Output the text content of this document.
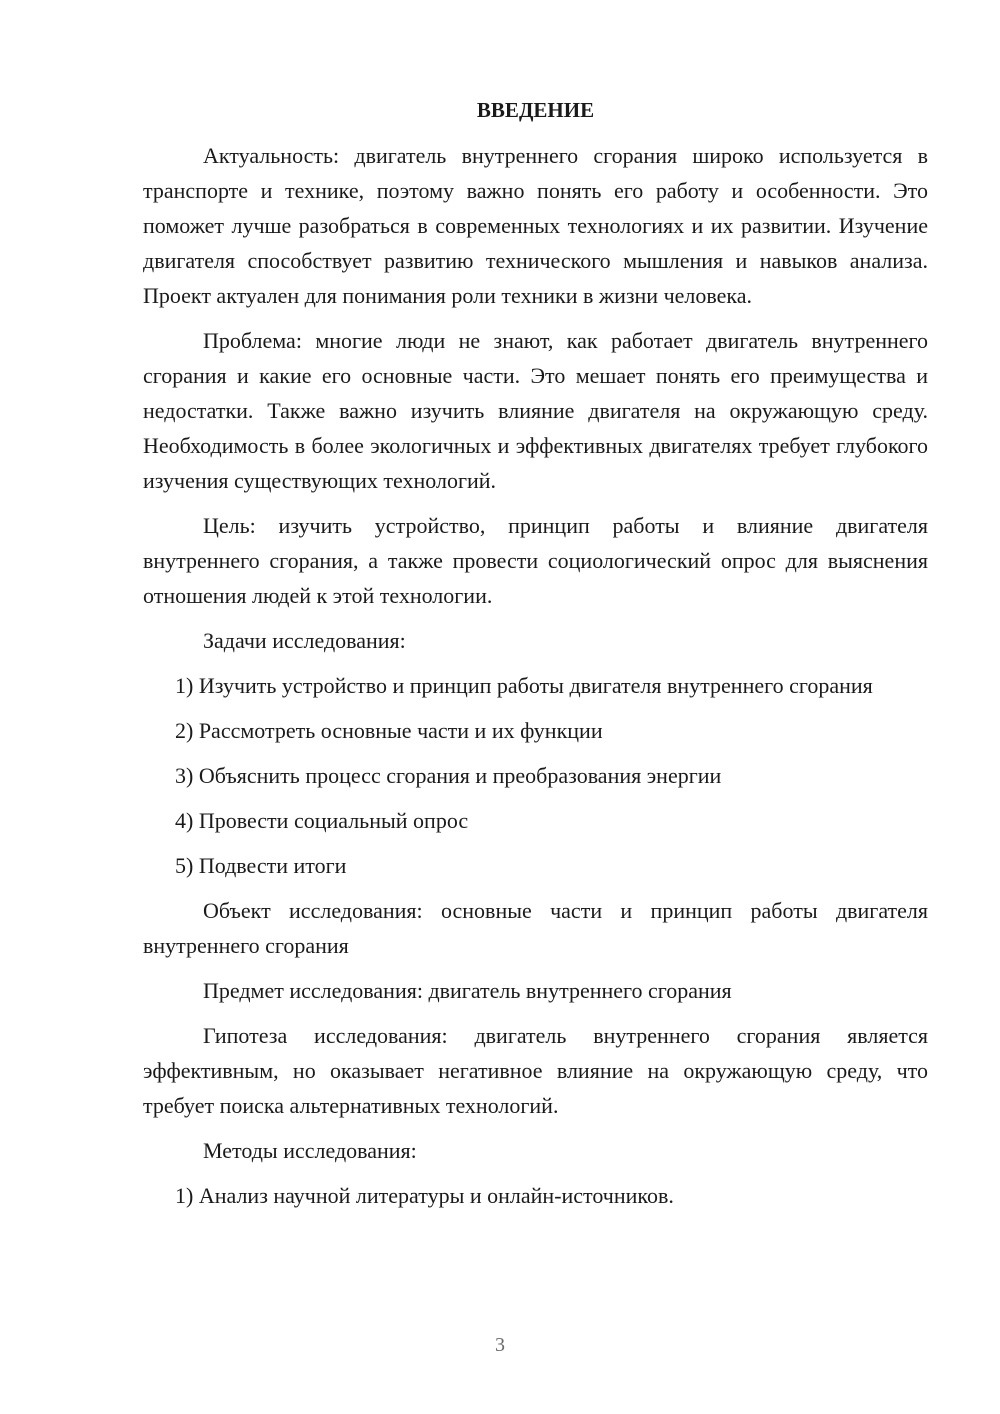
ВВЕДЕНИЕ

Актуальность: двигатель внутреннего сгорания широко используется в транспорте и технике, поэтому важно понять его работу и особенности. Это поможет лучше разобраться в современных технологиях и их развитии. Изучение двигателя способствует развитию технического мышления и навыков анализа. Проект актуален для понимания роли техники в жизни человека.

Проблема: многие люди не знают, как работает двигатель внутреннего сгорания и какие его основные части. Это мешает понять его преимущества и недостатки. Также важно изучить влияние двигателя на окружающую среду. Необходимость в более экологичных и эффективных двигателях требует глубокого изучения существующих технологий.

Цель: изучить устройство, принцип работы и влияние двигателя внутреннего сгорания, а также провести социологический опрос для выяснения отношения людей к этой технологии.

Задачи исследования:

1) Изучить устройство и принцип работы двигателя внутреннего сгорания

2) Рассмотреть основные части и их функции

3) Объяснить процесс сгорания и преобразования энергии

4) Провести социальный опрос

5) Подвести итоги

Объект исследования: основные части и принцип работы двигателя внутреннего сгорания

Предмет исследования: двигатель внутреннего сгорания

Гипотеза исследования: двигатель внутреннего сгорания является эффективным, но оказывает негативное влияние на окружающую среду, что требует поиска альтернативных технологий.

Методы исследования:

1) Анализ научной литературы и онлайн-источников.

3
